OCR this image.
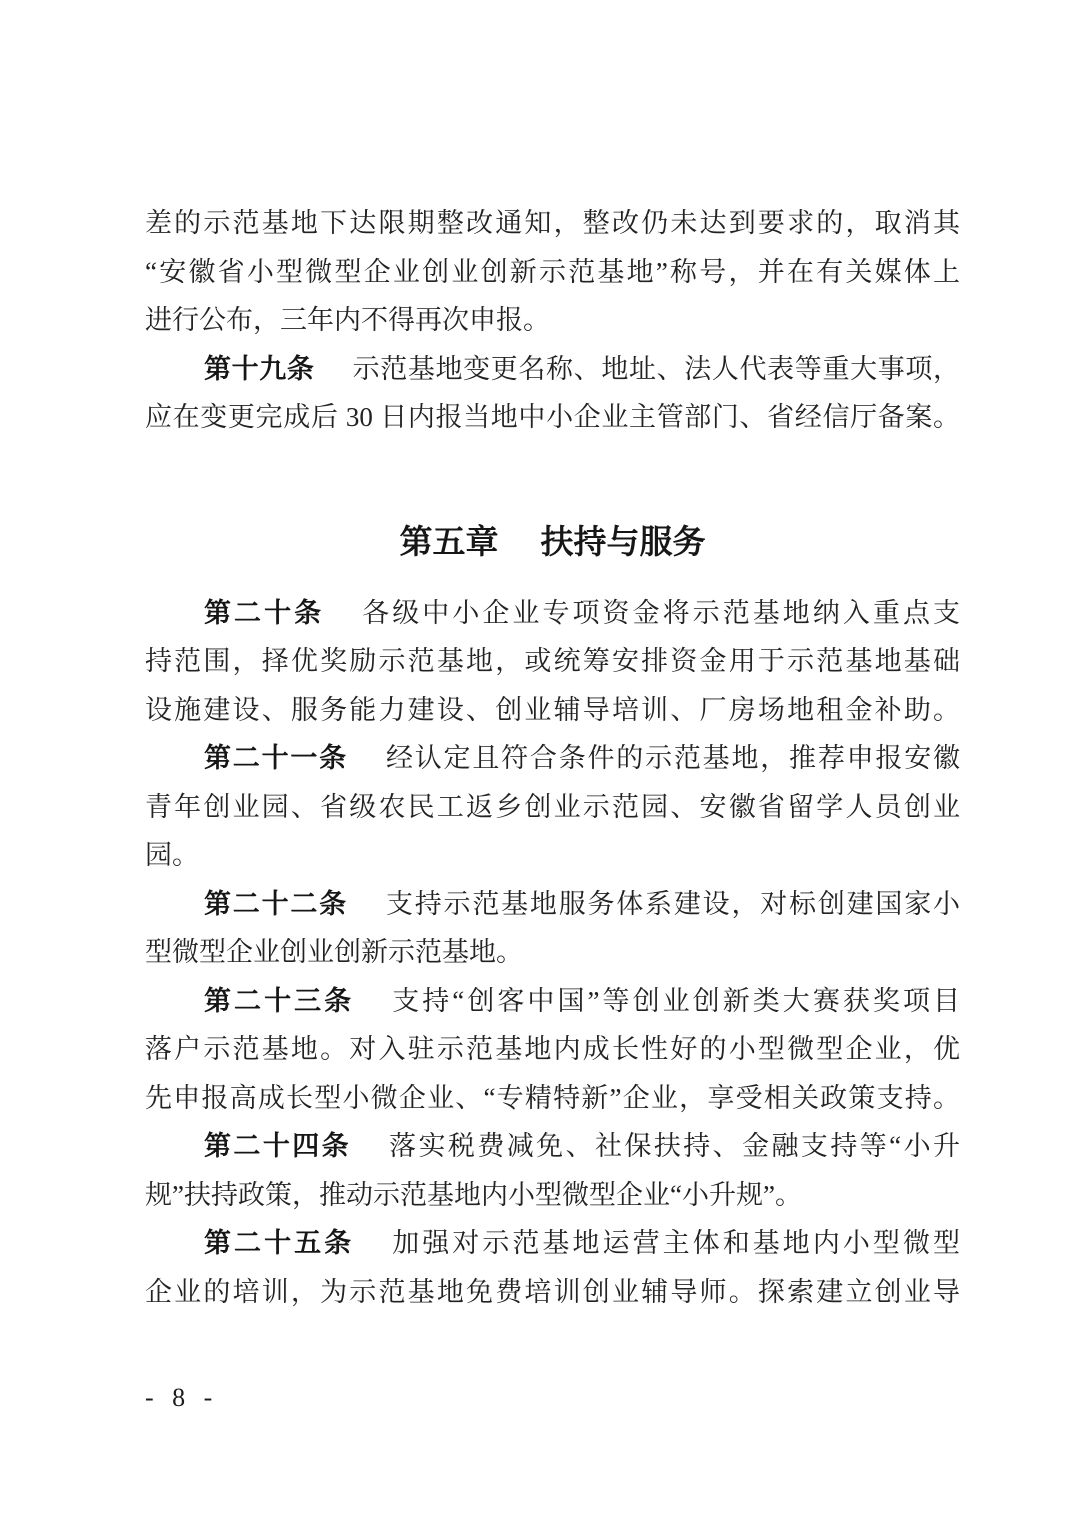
差的示范基地下达限期整改通知，整改仍未达到要求的，取消其

“安徽省小型微型企业创业创新示范基地”称号，并在有关媒体上

进行公布，三年内不得再次申报。

第十九条 示范基地变更名称、地址、法人代表等重大事项，

应在变更完成后 30 日内报当地中小企业主管部门、省经信厅备案。

第五章 扶持与服务

第二十条 各级中小企业专项资金将示范基地纳入重点支

持范围，择优奖励示范基地，或统筹安排资金用于示范基地基础

设施建设、服务能力建设、创业辅导培训、厂房场地租金补助。

第二十一条 经认定且符合条件的示范基地，推荐申报安徽

青年创业园、省级农民工返乡创业示范园、安徽省留学人员创业

园。

第二十二条 支持示范基地服务体系建设，对标创建国家小

型微型企业创业创新示范基地。

第二十三条 支持“创客中国”等创业创新类大赛获奖项目

落户示范基地。对入驻示范基地内成长性好的小型微型企业，优

先申报高成长型小微企业、“专精特新”企业，享受相关政策支持。

第二十四条 落实税费减免、社保扶持、金融支持等“小升

规”扶持政策，推动示范基地内小型微型企业“小升规”。

第二十五条 加强对示范基地运营主体和基地内小型微型

企业的培训，为示范基地免费培训创业辅导师。探索建立创业导

- 8 -
